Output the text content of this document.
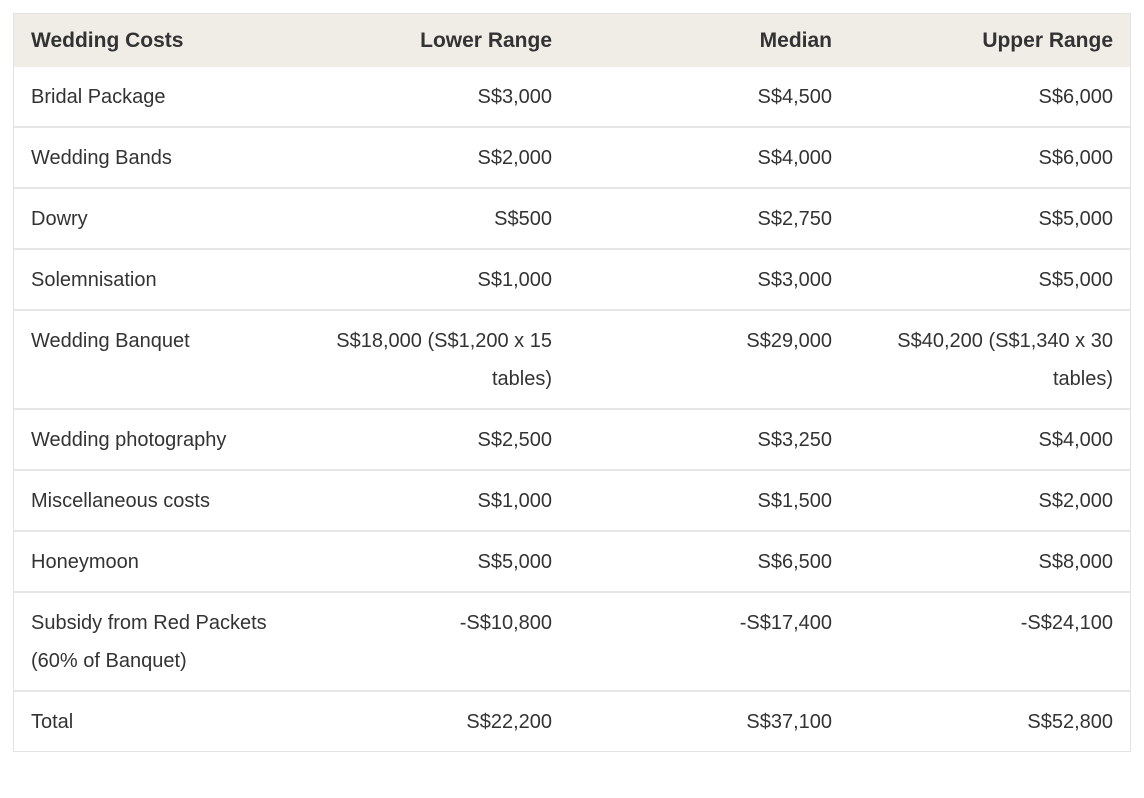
Wedding Costs	Lower Range	Median	Upper Range
Bridal Package	S$3,000	S$4,500	S$6,000
Wedding Bands	S$2,000	S$4,000	S$6,000
Dowry	S$500	S$2,750	S$5,000
Solemnisation	S$1,000	S$3,000	S$5,000
Wedding Banquet	S$18,000 (S$1,200 x 15 tables)	S$29,000	S$40,200 (S$1,340 x 30 tables)
Wedding photography	S$2,500	S$3,250	S$4,000
Miscellaneous costs	S$1,000	S$1,500	S$2,000
Honeymoon	S$5,000	S$6,500	S$8,000
Subsidy from Red Packets (60% of Banquet)	-S$10,800	-S$17,400	-S$24,100
Total	S$22,200	S$37,100	S$52,800
